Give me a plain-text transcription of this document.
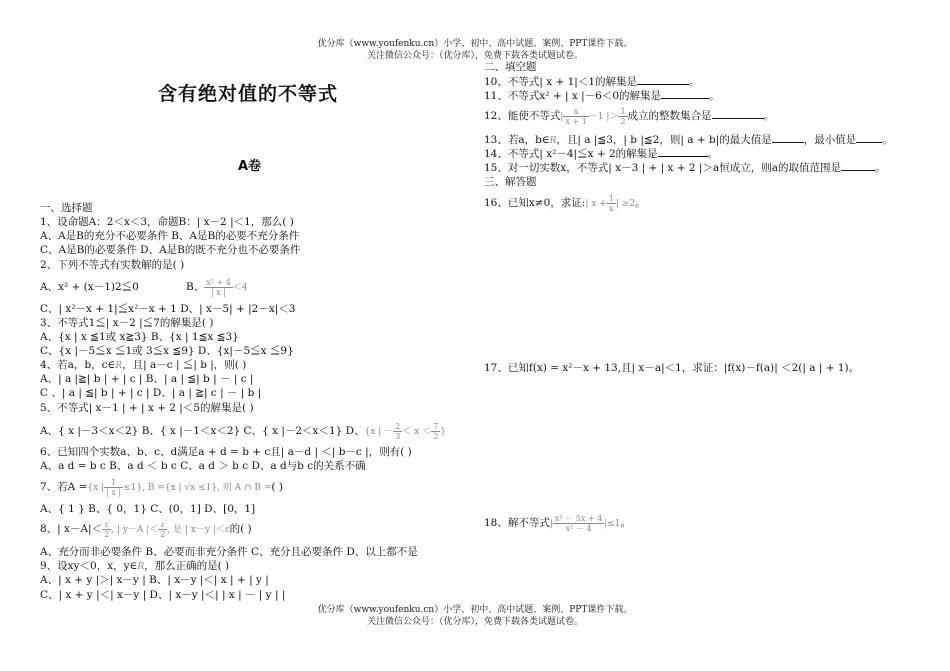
优分库（www.youfenku.cn）小学、初中、高中试题、案例、PPT课件下载。
关注微信公众号：（优分库），免费下载各类试题试卷。
优分库（www.youfenku.cn）小学、初中、高中试题、案例、PPT课件下载。
关注微信公众号：（优分库），免费下载各类试题试卷。
含有绝对值的不等式
A卷
一、选择题
1、设命题A：2＜x＜3，命题B：| x－2 |＜1，那么( )
A、A是B的充分不必要条件 B、A是B的必要不充分条件
C、A是B的必要条件 D、A是B的既不充分也不必要条件
2、下列不等式有实数解的是( )
A、x² + (x－1)2≦0	B、 $\frac{\text{x² + 4}}{| x |} <4$
C、| x²－x + 1|≦x²－x + 1 D、| x－5| + |2－x|＜3
3、不等式1≦| x－2 |≦7的解集是( )
A、{x | x ≦1或 x≧3} B、{x | 1≦x ≦3}
C、{x |－5≦x ≦1或 3≦x ≦9} D、{x|－5≦x ≦9}
4、若a，b，c∈R，且| a－c | ≦| b |，则( )
A、| a |≧| b | + | c | B、| a | ≦| b | － | c |
C 、| a | ≦| b | + | c | D、| a | ≧| c | － | b |
5、不等式| x－1 | + | x + 2 |＜5的解集是( )
A、{ x |－3＜x＜2} B、{ x |－1＜x＜2} C、{ x |－2＜x＜1} D、{x | － $\frac{2}{3} < x < \frac{7}{2}$ }
6、已知四个实数a、b、c、d满足a + d = b + c且| a－d | ＜| b－c |，则有( )
A、a d = b c B、a d ＜ b c C、a d ＞ b c D、a d与b c的关系不确
7、若A ={x | $\frac{1}{| x |} \le 1$}, B ={x | √x ≤1}, 则 A ∩ B =( )
A、{ 1 } B、{ 0，1} C、(0，1] D、[0，1]
8、| $x-A|< \frac{\varepsilon}{2}$ , | y－A |＜ $\frac{\varepsilon}{2}$ , 是 | x－y |＜ε的( )
A、充分而非必要条件 B、必要而非充分条件 C、充分且必要条件 D、以上都不是
9、设xy＜0，x，y∈R，那么正确的是( )
A、| x + y |＞| x－y | B、| x－y |＜| x | + | y |
C、| x + y |＜| x－y | D、| x－y |＜| | x | － | y | |
二、填空题
10、不等式| x + 1|＜1的解集是	。
11、不等式x² + | x |－6＜0的解集是	。
12、能使不等式| $\frac{x}{x + 1} -1$ |＞ $\frac{1}{2}$ 成立的整数集合是	。
13、若a，b∈R，且| a |≦3，| b |≦2，则| a + b|的最大值是	，最小值是 。
14、不等式| x²－4|≦x + 2的解集是	。
15、对一切实数x，不等式| x－3 | + | x + 2 |＞a恒成立，则a的取值范围是	。
三、解答题
16、已知x≠0，求证:| $x + \frac{1}{x}$ | ≥2。
17、已知f(x) = x²－x + 13,且| x－a|＜1，求证：|f(x)－f(a)| ＜2(| a | + 1)。
18、解不等式| $\frac{\text{x² － 5x + 4}}{\text{x² － 4}} |\le 1$。
